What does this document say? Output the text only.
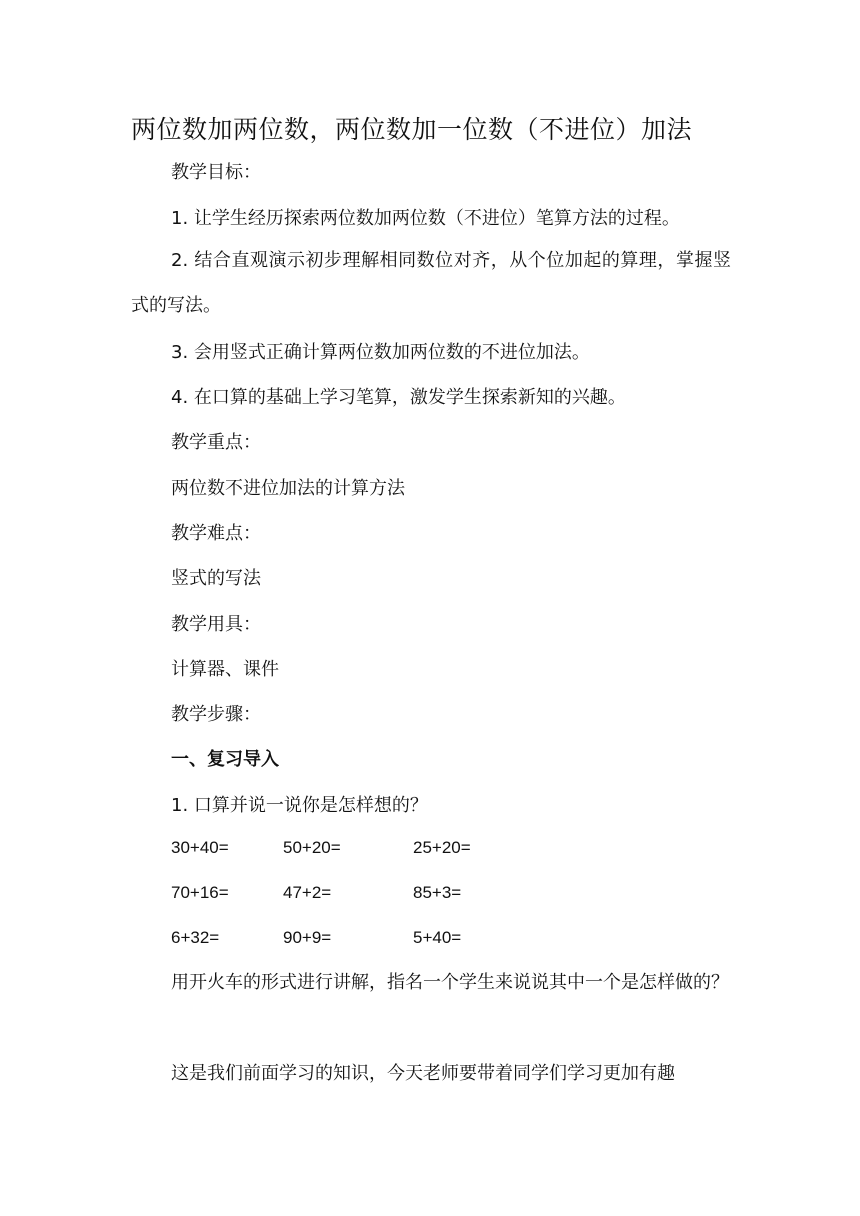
两位数加两位数，两位数加一位数（不进位）加法
教学目标：
1. 让学生经历探索两位数加两位数（不进位）笔算方法的过程。
2. 结合直观演示初步理解相同数位对齐，从个位加起的算理，掌握竖式的写法。
3. 会用竖式正确计算两位数加两位数的不进位加法。
4. 在口算的基础上学习笔算，激发学生探索新知的兴趣。
教学重点：
两位数不进位加法的计算方法
教学难点：
竖式的写法
教学用具：
计算器、课件
教学步骤：
一、复习导入
1. 口算并说一说你是怎样想的？
30+40=	50+20=	25+20=
70+16=	47+2=	85+3=
6+32=	90+9=	5+40=
用开火车的形式进行讲解，指名一个学生来说说其中一个是怎样做的？
这是我们前面学习的知识，今天老师要带着同学们学习更加有趣
